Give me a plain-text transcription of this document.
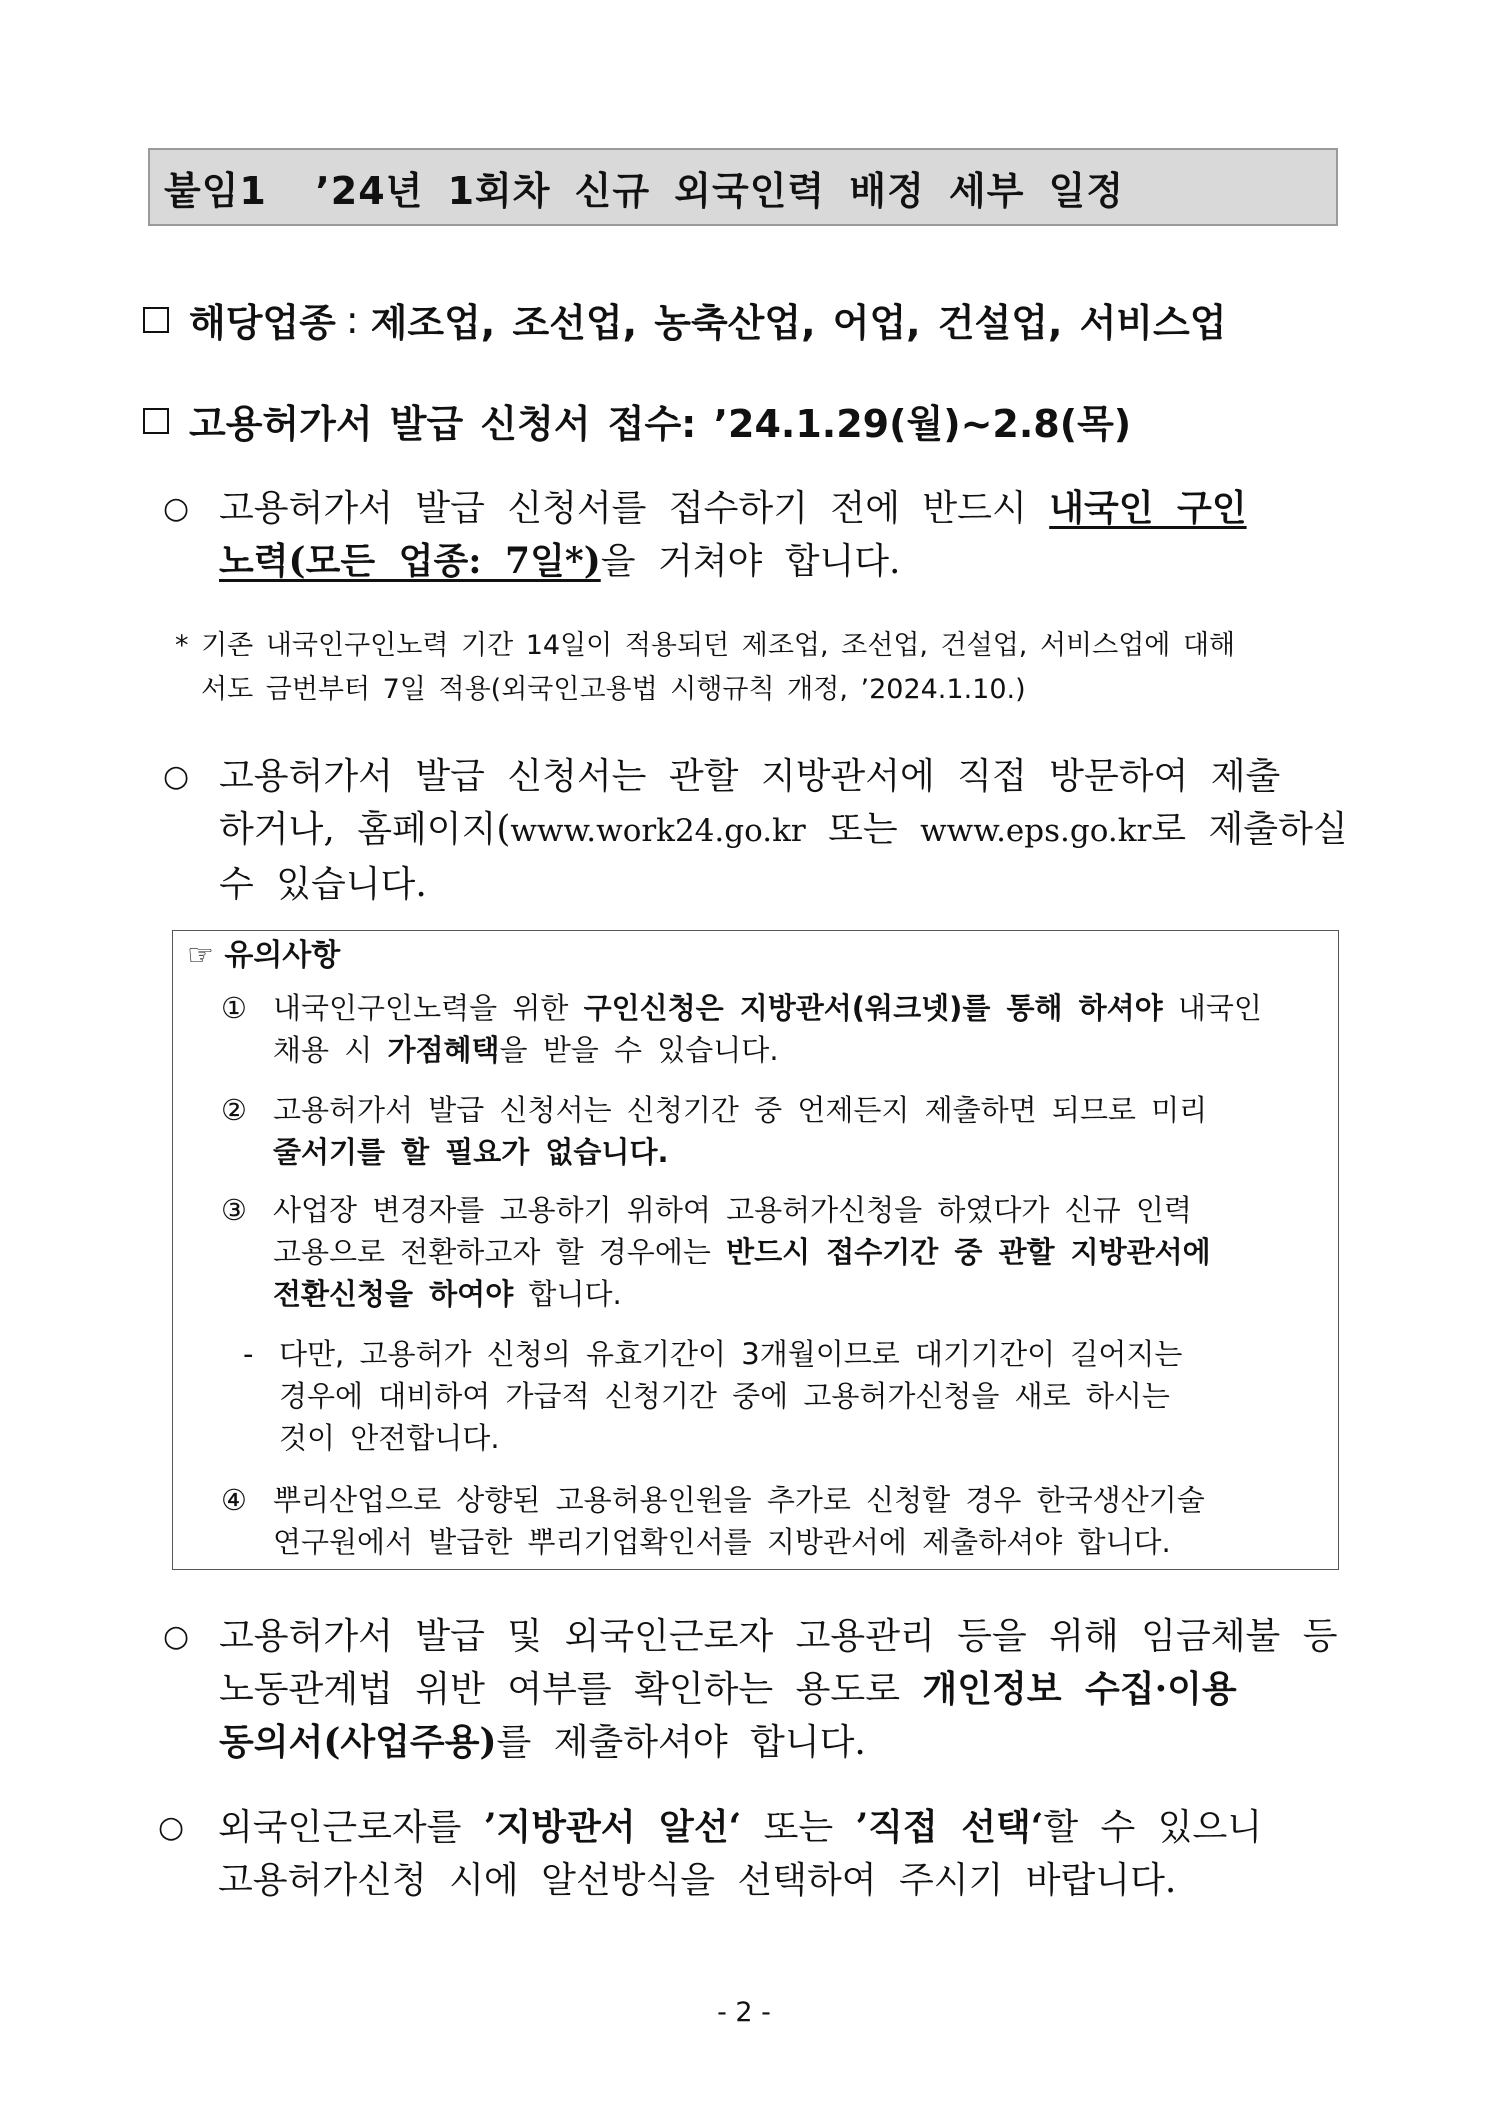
붙임1  ’24년 1회차 신규 외국인력 배정 세부 일정
해당업종 : 제조업, 조선업, 농축산업, 어업, 건설업, 서비스업
고용허가서 발급 신청서 접수: ’24.1.29(월)~2.8(목)
○ 고용허가서 발급 신청서를 접수하기 전에 반드시 내국인 구인
노력(모든 업종: 7일*)을 거쳐야 합니다.
* 기존 내국인구인노력 기간 14일이 적용되던 제조업, 조선업, 건설업, 서비스업에 대해
서도 금번부터 7일 적용(외국인고용법 시행규칙 개정, ’2024.1.10.)
○ 고용허가서 발급 신청서는 관할 지방관서에 직접 방문하여 제출
하거나, 홈페이지(www.work24.go.kr 또는 www.eps.go.kr로 제출하실
수 있습니다.
☞ 유의사항
① 내국인구인노력을 위한 구인신청은 지방관서(워크넷)를 통해 하셔야 내국인
채용 시 가점혜택을 받을 수 있습니다.
② 고용허가서 발급 신청서는 신청기간 중 언제든지 제출하면 되므로 미리
줄서기를 할 필요가 없습니다.
③ 사업장 변경자를 고용하기 위하여 고용허가신청을 하였다가 신규 인력
고용으로 전환하고자 할 경우에는 반드시 접수기간 중 관할 지방관서에
전환신청을 하여야 합니다.
- 다만, 고용허가 신청의 유효기간이 3개월이므로 대기기간이 길어지는
경우에 대비하여 가급적 신청기간 중에 고용허가신청을 새로 하시는
것이 안전합니다.
④ 뿌리산업으로 상향된 고용허용인원을 추가로 신청할 경우 한국생산기술
연구원에서 발급한 뿌리기업확인서를 지방관서에 제출하셔야 합니다.
○ 고용허가서 발급 및 외국인근로자 고용관리 등을 위해 임금체불 등
노동관계법 위반 여부를 확인하는 용도로 개인정보 수집·이용
동의서(사업주용)를 제출하셔야 합니다.
○ 외국인근로자를 ’지방관서 알선‘ 또는 ’직접 선택‘할 수 있으니
고용허가신청 시에 알선방식을 선택하여 주시기 바랍니다.
- 2 -
